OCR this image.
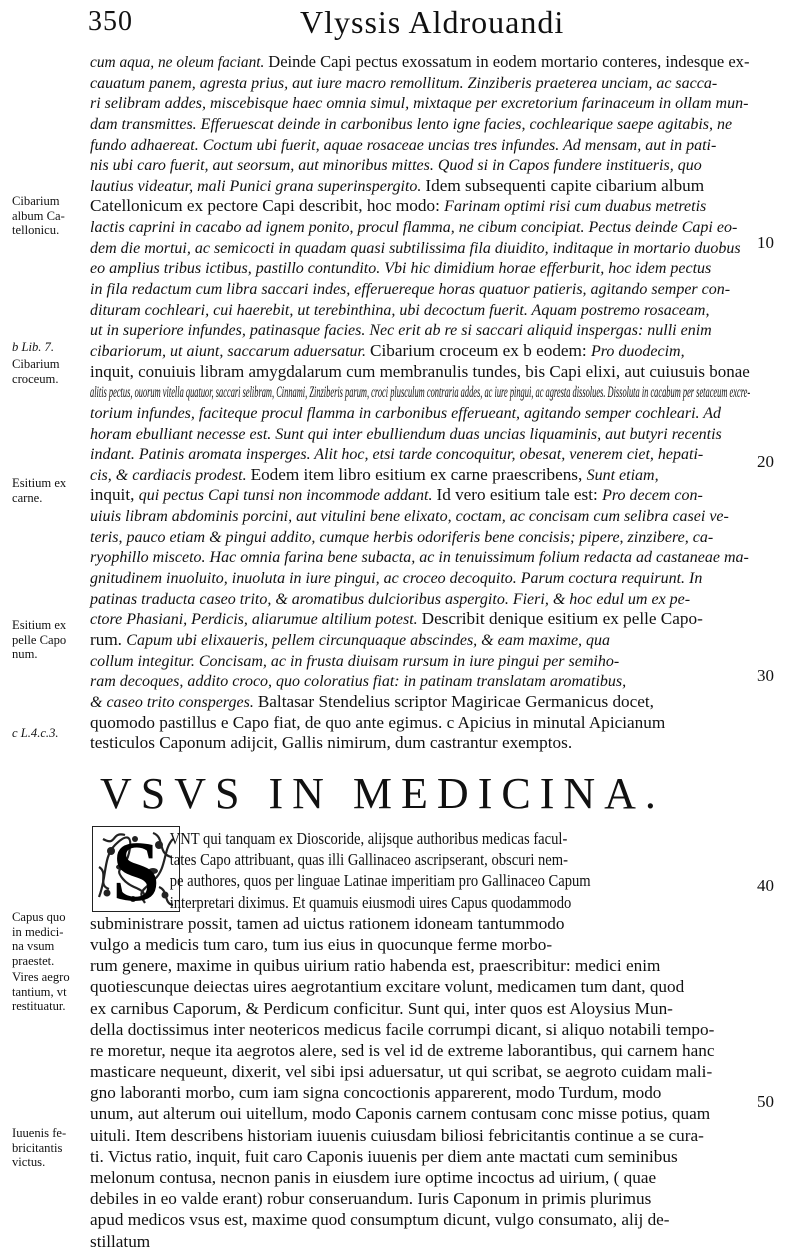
350	Vlyssis Aldrouandi
cum aqua, ne oleum faciant. Deinde Capi pectus exossatum in eodem mortario conteres, indesque ex-
cauatum panem, agresta prius, aut iure macro remollitum. Zinziberis praeterea unciam, ac sacca-
ri selibram addes, miscebisque haec omnia simul, mixtaque per excretorium farinaceum in ollam mun-
dam transmittes. Efferuescat deinde in carbonibus lento igne facies, cochlearique saepe agitabis, ne
fundo adhaereat. Coctum ubi fuerit, aquae rosaceae uncias tres infundes. Ad mensam, aut in pati-
nis ubi caro fuerit, aut seorsum, aut minoribus mittes. Quod si in Capos fundere institueris, quo
lautius videatur, mali Punici grana superinspergito. Idem subsequenti capite cibarium album
Catellonicum ex pectore Capi describit, hoc modo: Farinam optimi risi cum duabus metretis
lactis caprini in cacabo ad ignem ponito, procul flamma, ne cibum concipiat. Pectus deinde Capi eo-
dem die mortui, ac semicocti in quadam quasi subtilissima fila diuidito, inditaque in mortario duobus
eo amplius tribus ictibus, pastillo contundito. Vbi hic dimidium horae efferburit, hoc idem pectus
in fila redactum cum libra saccari indes, efferuereque horas quatuor patieris, agitando semper con-
dituram cochleari, cui haerebit, ut terebinthina, ubi decoctum fuerit. Aquam postremo rosaceam,
ut in superiore infundes, patinasque facies. Nec erit ab re si saccari aliquid inspergas: nulli enim
cibariorum, ut aiunt, saccarum aduersatur. Cibarium croceum ex b eodem: Pro duodecim,
inquit, conuiuis libram amygdalarum cum membranulis tundes, bis Capi elixi, aut cuiusuis bonae
alitis pectus, ouorum vitella quatuor, saccari selibram, Cinnami, Zinziberis parum, croci plusculum contraria addes, ac iure pingui, ac agresta dissolues. Dissoluta in cacabum per setaceum excre-
torium infundes, faciteque procul flamma in carbonibus efferueant, agitando semper cochleari. Ad
horam ebulliant necesse est. Sunt qui inter ebulliendum duas uncias liquaminis, aut butyri recentis
indant. Patinis aromata insperges. Alit hoc, etsi tarde concoquitur, obesat, venerem ciet, hepati-
cis, & cardiacis prodest. Eodem item libro esitium ex carne praescribens, Sunt etiam,
inquit, qui pectus Capi tunsi non incommode addant. Id vero esitium tale est: Pro decem con-
uiuis libram abdominis porcini, aut vitulini bene elixato, coctam, ac concisam cum selibra casei ve-
teris, pauco etiam & pingui addito, cumque herbis odoriferis bene concisis; pipere, zinzibere, ca-
ryophillo misceto. Hac omnia farina bene subacta, ac in tenuissimum folium redacta ad castaneae ma-
gnitudinem inuoluito, inuoluta in iure pingui, ac croceo decoquito. Parum coctura requirunt. In
patinas traducta caseo trito, & aromatibus dulcioribus aspergito. Fieri, & hoc edul um ex pe-
ctore Phasiani, Perdicis, aliarumue altilium potest. Describit denique esitium ex pelle Capo-
rum. Capum ubi elixaueris, pellem circunquaque abscindes, & eam maxime, qua
collum integitur. Concisam, ac in frusta diuisam rursum in iure pingui per semiho-
ram decoques, addito croco, quo coloratius fiat: in patinam translatam aromatibus,
& caseo trito consperges. Baltasar Stendelius scriptor Magiricae Germanicus docet,
quomodo pastillus e Capo fiat, de quo ante egimus. c Apicius in minutal Apicianum
testiculos Caponum adijcit, Gallis nimirum, dum castrantur exemptos.
Cibarium
album Ca-
tellonicu.
b Lib. 7.
Cibarium
croceum.
Esitium ex
carne.
Esitium ex
pelle Capo
num.
c L.4.c.3.
Capus quo
in medici-
na vsum
praestet.
Vires aegro
tantium, vt
restituatur.
Iuuenis fe-
bricitantis
victus.
10
20
30
40
50
VSVS IN MEDICINA.
S VNT qui tanquam ex Dioscoride, alijsque authoribus medicas facul-
tates Capo attribuant, quas illi Gallinaceo ascripserant, obscuri nem-
pe authores, quos per linguae Latinae imperitiam pro Gallinaceo Capum
interpretari diximus. Et quamuis eiusmodi uires Capus quodammodo
subministrare possit, tamen ad uictus rationem idoneam tantummodo
vulgo a medicis tum caro, tum ius eius in quocunque ferme morbo-
rum genere, maxime in quibus uirium ratio habenda est, praescribitur: medici enim
quotiescunque deiectas uires aegrotantium excitare volunt, medicamen tum dant, quod
ex carnibus Caporum, & Perdicum conficitur. Sunt qui, inter quos est Aloysius Mun-
della doctissimus inter neotericos medicus facile corrumpi dicant, si aliquo notabili tempo-
re moretur, neque ita aegrotos alere, sed is vel id de extreme laborantibus, qui carnem hanc
masticare nequeunt, dixerit, vel sibi ipsi aduersatur, ut qui scribat, se aegroto cuidam mali-
gno laboranti morbo, cum iam signa concoctionis apparerent, modo Turdum, modo
unum, aut alterum oui uitellum, modo Caponis carnem contusam conc misse potius, quam
uituli. Item describens historiam iuuenis cuiusdam biliosi febricitantis continue a se cura-
ti. Victus ratio, inquit, fuit caro Caponis iuuenis per diem ante mactati cum seminibus
melonum contusa, necnon panis in eiusdem iure optime incoctus ad uirium, ( quae
debiles in eo valde erant) robur conseruandum. Iuris Caponum in primis plurimus
apud medicos vsus est, maxime quod consumptum dicunt, vulgo consumato, alij de-
stillatum
